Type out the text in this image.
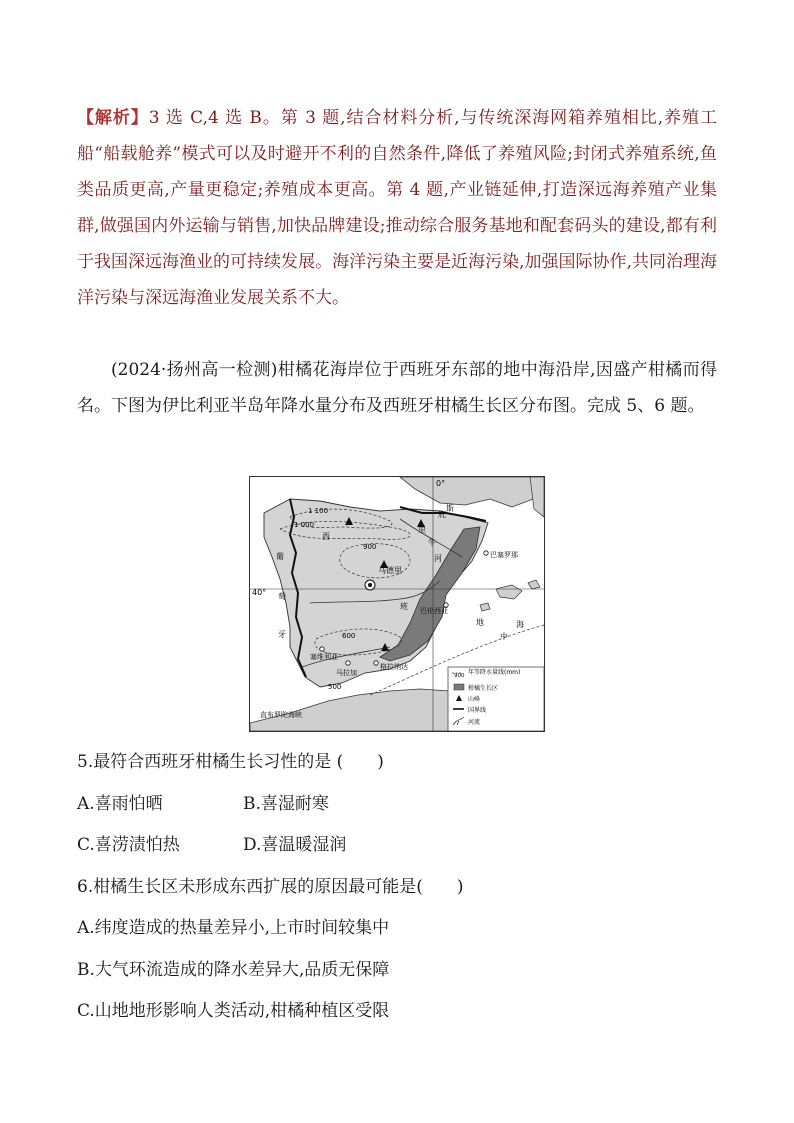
【解析】3 选 C,4 选 B。第 3 题,结合材料分析,与传统深海网箱养殖相比,养殖工船“船载舱养”模式可以及时避开不利的自然条件,降低了养殖风险;封闭式养殖系统,鱼类品质更高,产量更稳定;养殖成本更高。第 4 题,产业链延伸,打造深远海养殖产业集群,做强国内外运输与销售,加快品牌建设;推动综合服务基地和配套码头的建设,都有利于我国深远海渔业的可持续发展。海洋污染主要是近海污染,加强国际协作,共同治理海洋污染与深远海渔业发展关系不大。

(2024·扬州高一检测)柑橘花海岸位于西班牙东部的地中海沿岸,因盛产柑橘而得名。下图为伊比利亚半岛年降水量分布及西班牙柑橘生长区分布图。完成 5、6 题。

0°
40°
1 100
1 000
900
600
500
庇
里
牛
斯
河
西
葡
萄
牙
班
地
中
海
马德里
巴塞罗那
巴伦西亚
塞维利亚
马拉加
格拉纳达
直布罗陀海峡
900 年等降水量线(mm)
柑橘生长区
山峰
国界线
河流

5.最符合西班牙柑橘生长习性的是 (　　)

A.喜雨怕晒	B.喜湿耐寒
C.喜涝渍怕热	D.喜温暖湿润

6.柑橘生长区未形成东西扩展的原因最可能是(　　)

A.纬度造成的热量差异小,上市时间较集中
B.大气环流造成的降水差异大,品质无保障
C.山地地形影响人类活动,柑橘种植区受限
